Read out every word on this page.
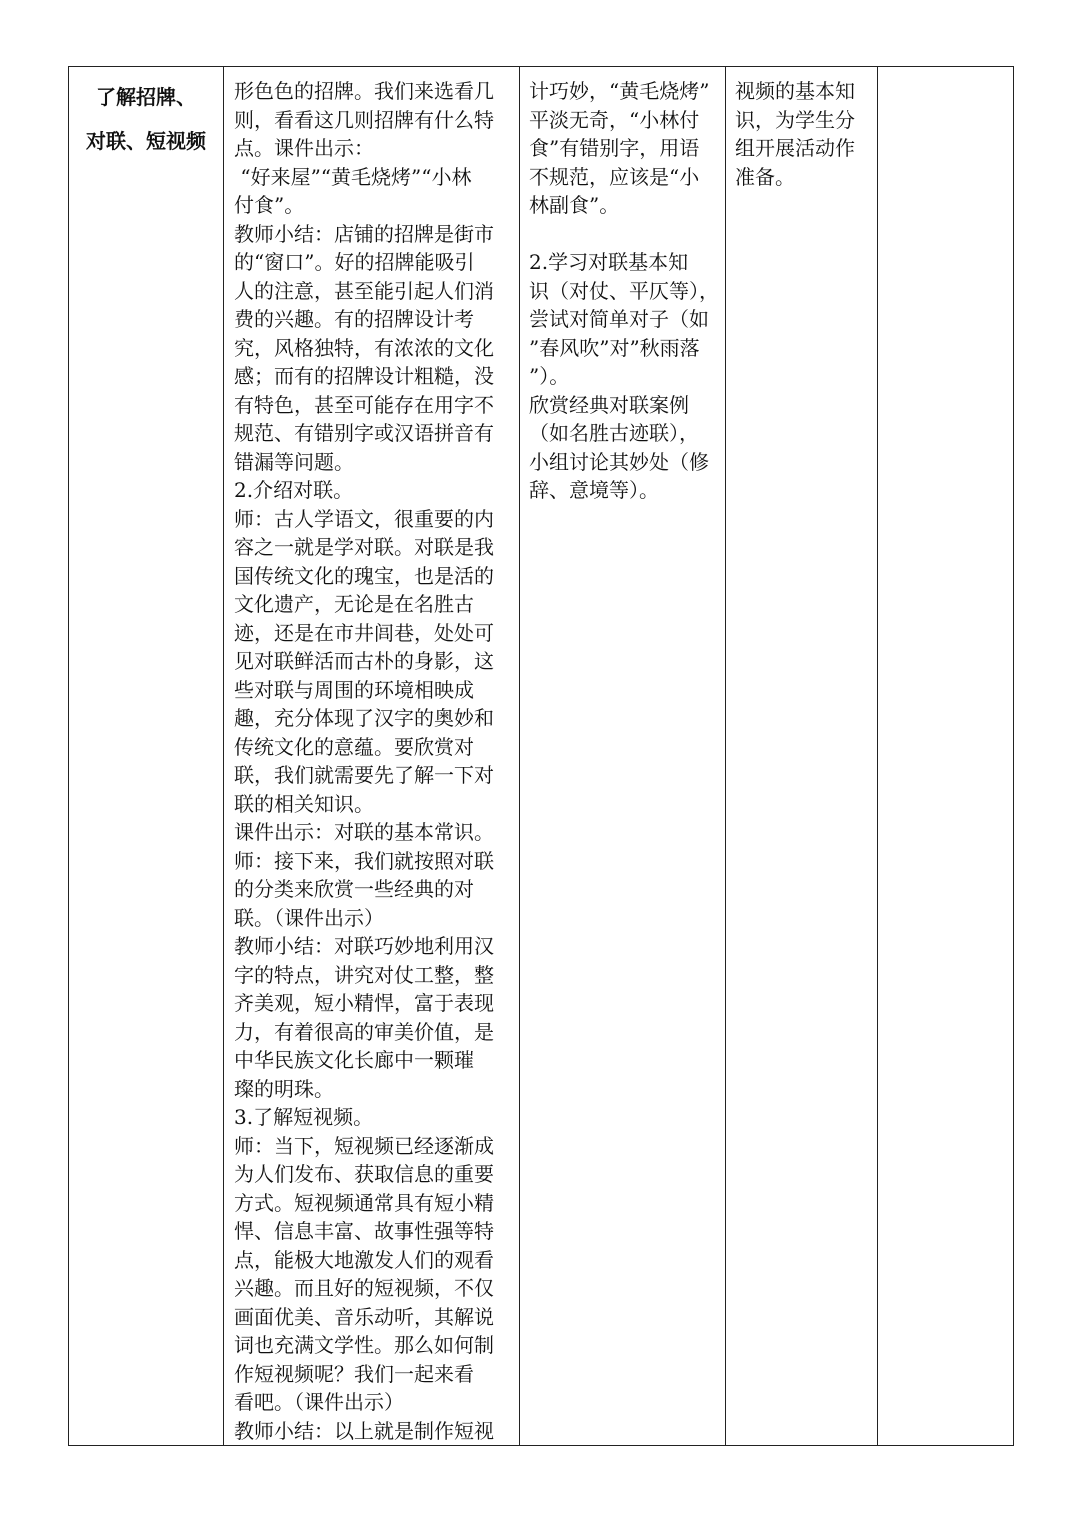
了解招牌、
对联、短视频

形色色的招牌。我们来选看几
则，看看这几则招牌有什么特
点。课件出示：
“好来屋”“黄毛烧烤”“小林
付食”。
教师小结：店铺的招牌是街市
的“窗口”。好的招牌能吸引
人的注意，甚至能引起人们消
费的兴趣。有的招牌设计考
究，风格独特，有浓浓的文化
感；而有的招牌设计粗糙，没
有特色，甚至可能存在用字不
规范、有错别字或汉语拼音有
错漏等问题。
2.介绍对联。
师：古人学语文，很重要的内
容之一就是学对联。对联是我
国传统文化的瑰宝，也是活的
文化遗产，无论是在名胜古
迹，还是在市井闾巷，处处可
见对联鲜活而古朴的身影，这
些对联与周围的环境相映成
趣，充分体现了汉字的奥妙和
传统文化的意蕴。要欣赏对
联，我们就需要先了解一下对
联的相关知识。
课件出示：对联的基本常识。
师：接下来，我们就按照对联
的分类来欣赏一些经典的对
联。（课件出示）
教师小结：对联巧妙地利用汉
字的特点，讲究对仗工整，整
齐美观，短小精悍，富于表现
力，有着很高的审美价值，是
中华民族文化长廊中一颗璀
璨的明珠。
3.了解短视频。
师：当下，短视频已经逐渐成
为人们发布、获取信息的重要
方式。短视频通常具有短小精
悍、信息丰富、故事性强等特
点，能极大地激发人们的观看
兴趣。而且好的短视频，不仅
画面优美、音乐动听，其解说
词也充满文学性。那么如何制
作短视频呢？我们一起来看
看吧。（课件出示）
教师小结：以上就是制作短视

计巧妙，“黄毛烧烤”
平淡无奇，“小林付
食”有错别字，用语
不规范，应该是“小
林副食”。
2.学习对联基本知
识（对仗、平仄等），
尝试对简单对子（如
”春风吹”对”秋雨落
”）。
欣赏经典对联案例
（如名胜古迹联），
小组讨论其妙处（修
辞、意境等）。

视频的基本知
识，为学生分
组开展活动作
准备。
